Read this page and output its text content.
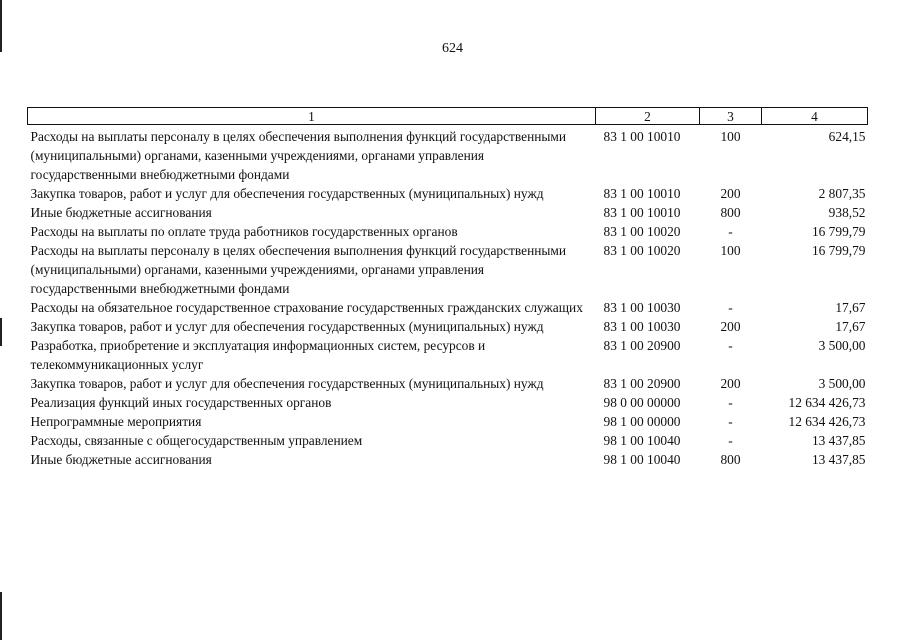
624
1	2	3	4
Расходы на выплаты персоналу в целях обеспечения выполнения функций государственными (муниципальными) органами, казенными учреждениями, органами управления государственными внебюджетными фондами	83 1 00 10010	100	624,15
Закупка товаров, работ и услуг для обеспечения государственных (муниципальных) нужд	83 1 00 10010	200	2 807,35
Иные бюджетные ассигнования	83 1 00 10010	800	938,52
Расходы на выплаты по оплате труда работников государственных органов	83 1 00 10020	-	16 799,79
Расходы на выплаты персоналу в целях обеспечения выполнения функций государственными (муниципальными) органами, казенными учреждениями, органами управления государственными внебюджетными фондами	83 1 00 10020	100	16 799,79
Расходы на обязательное государственное страхование государственных гражданских служащих	83 1 00 10030	-	17,67
Закупка товаров, работ и услуг для обеспечения государственных (муниципальных) нужд	83 1 00 10030	200	17,67
Разработка, приобретение и эксплуатация информационных систем, ресурсов и телекоммуникационных услуг	83 1 00 20900	-	3 500,00
Закупка товаров, работ и услуг для обеспечения государственных (муниципальных) нужд	83 1 00 20900	200	3 500,00
Реализация функций иных государственных органов	98 0 00 00000	-	12 634 426,73
Непрограммные мероприятия	98 1 00 00000	-	12 634 426,73
Расходы, связанные с общегосударственным управлением	98 1 00 10040	-	13 437,85
Иные бюджетные ассигнования	98 1 00 10040	800	13 437,85
